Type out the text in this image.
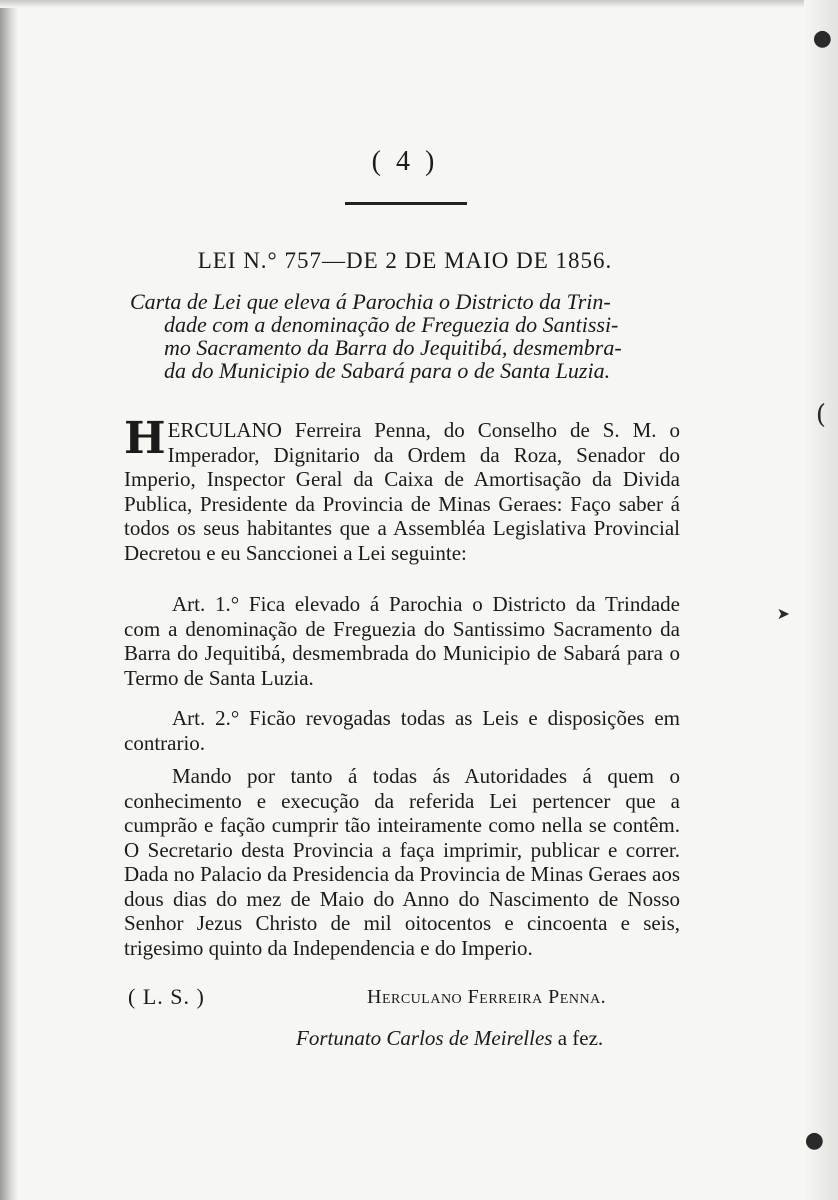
●
(
➤
●
( 4 )
LEI N.° 757—DE 2 DE MAIO DE 1856.
Carta de Lei que eleva á Parochia o Districto da Trin-
dade com a denominação de Freguezia do Santissi-
mo Sacramento da Barra do Jequitibá, desmembra-
da do Municipio de Sabará para o de Santa Luzia.
HERCULANO Ferreira Penna, do Conselho de S. M. o Imperador, Dignitario da Ordem da Roza, Senador do Imperio, Inspector Geral da Caixa de Amortisação da Divida Publica, Presidente da Provincia de Minas Geraes: Faço saber á todos os seus habitantes que a Assembléa Legislativa Provincial Decretou e eu Sanccionei a Lei seguinte:
Art. 1.° Fica elevado á Parochia o Districto da Trindade com a denominação de Freguezia do Santissimo Sacramento da Barra do Jequitibá, desmembrada do Municipio de Sabará para o Termo de Santa Luzia.
Art. 2.° Ficão revogadas todas as Leis e disposições em contrario.
Mando por tanto á todas ás Autoridades á quem o conhecimento e execução da referida Lei pertencer que a cumprão e fação cumprir tão inteiramente como nella se contêm. O Secretario desta Provincia a faça imprimir, publicar e correr. Dada no Palacio da Presidencia da Provincia de Minas Geraes aos dous dias do mez de Maio do Anno do Nascimento de Nosso Senhor Jezus Christo de mil oitocentos e cincoenta e seis, trigesimo quinto da Independencia e do Imperio.
( L. S. )	Herculano Ferreira Penna.
Fortunato Carlos de Meirelles a fez.
